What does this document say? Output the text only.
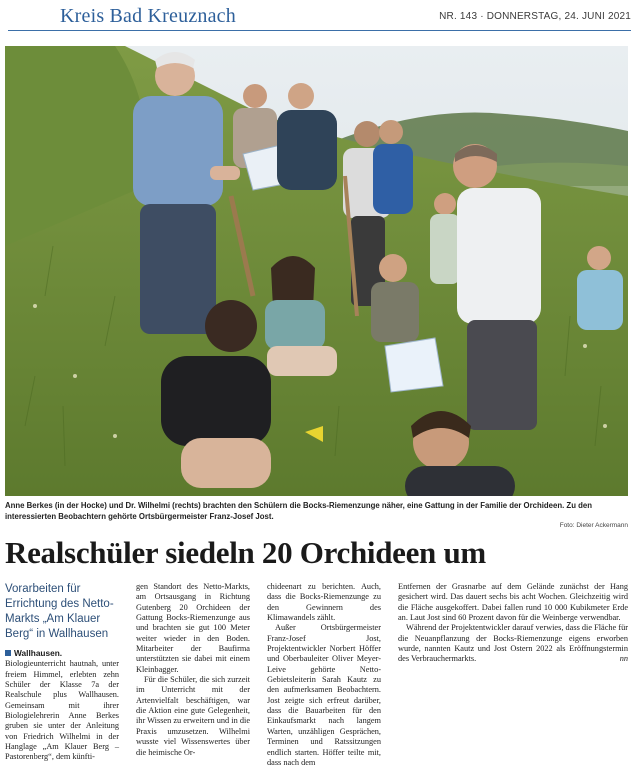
Kreis Bad Kreuznach	NR. 143 · DONNERSTAG, 24. JUNI 2021
Anne Berkes (in der Hocke) und Dr. Wilhelmi (rechts) brachten den Schülern die Bocks-Riemenzunge näher, eine Gattung in der Familie der Orchideen. Zu den interessierten Beobachtern gehörte Ortsbürgermeister Franz-Josef Jost.
Foto: Dieter Ackermann
Realschüler siedeln 20 Orchideen um
Vorarbeiten für Errichtung des Netto-Markts „Am Klauer Berg“ in Wallhausen

Wallhausen. Biologieunterricht hautnah, unter freiem Himmel, erlebten zehn Schüler der Klasse 7a der Realschule plus Wallhausen. Gemeinsam mit ihrer Biologielehrerin Anne Berkes gruben sie unter der Anleitung von Friedrich Wilhelmi in der Hanglage „Am Klauer Berg – Pastorenberg“, dem künfti-

gen Standort des Netto-Markts, am Ortsausgang in Richtung Gutenberg 20 Orchideen der Gattung Bocks-Riemenzunge aus und brachten sie gut 100 Meter weiter wieder in den Boden. Mitarbeiter der Baufirma unterstützten sie dabei mit einem Kleinbagger.

Für die Schüler, die sich zurzeit im Unterricht mit der Artenvielfalt beschäftigen, war die Aktion eine gute Gelegenheit, ihr Wissen zu erweitern und in die Praxis umzusetzen. Wilhelmi wusste viel Wissenswertes über die heimische Or-

chideenart zu berichten. Auch, dass die Bocks-Riemenzunge zu den Gewinnern des Klimawandels zählt.

Außer Ortsbürgermeister Franz-Josef Jost, Projektentwickler Norbert Höffer und Oberbauleiter Oliver Meyer-Leive gehörte Netto-Gebietsleiterin Sarah Kautz zu den aufmerksamen Beobachtern. Jost zeigte sich erfreut darüber, dass die Bauarbeiten für den Einkaufsmarkt nach langem Warten, unzähligen Gesprächen, Terminen und Ratssitzungen endlich starten. Höffer teilte mit, dass nach dem

Entfernen der Grasnarbe auf dem Gelände zunächst der Hang gesichert wird. Das dauert sechs bis acht Wochen. Gleichzeitig wird die Fläche ausgekoffert. Dabei fallen rund 10 000 Kubikmeter Erde an. Laut Jost sind 60 Prozent davon für die Weinberge verwendbar.

Während der Projektentwickler darauf verwies, dass die Fläche für die Neuanpflanzung der Bocks-Riemenzunge eigens erworben wurde, nannten Kautz und Jost Ostern 2022 als Eröffnungstermin des Verbrauchermarkts.	nn
